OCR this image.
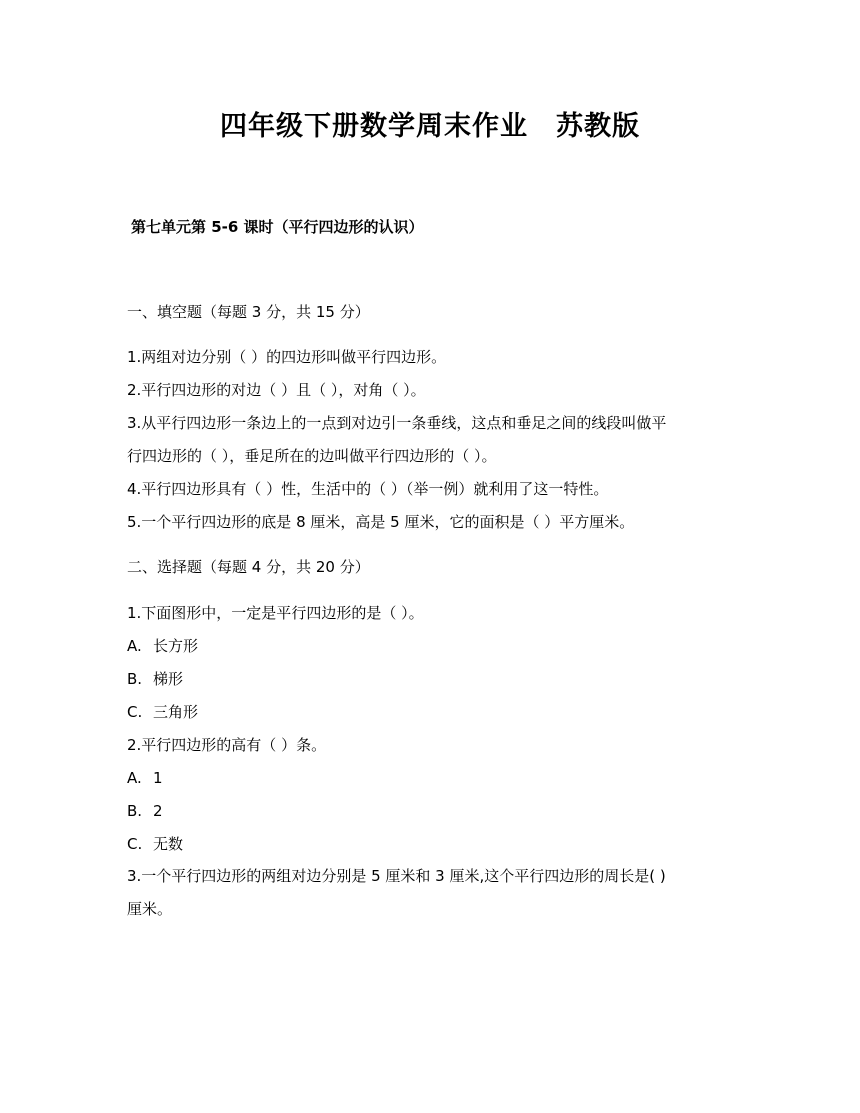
四年级下册数学周末作业　苏教版
第七单元第 5-6 课时（平行四边形的认识）
一、填空题（每题 3 分，共 15 分）
1.两组对边分别（ ）的四边形叫做平行四边形。
2.平行四边形的对边（ ）且（ ），对角（ ）。
3.从平行四边形一条边上的一点到对边引一条垂线，这点和垂足之间的线段叫做平
行四边形的（ ），垂足所在的边叫做平行四边形的（ ）。
4.平行四边形具有（ ）性，生活中的（ ）（举一例）就利用了这一特性。
5.一个平行四边形的底是 8 厘米，高是 5 厘米，它的面积是（ ）平方厘米。
二、选择题（每题 4 分，共 20 分）
1.下面图形中，一定是平行四边形的是（ ）。
A. 长方形
B. 梯形
C. 三角形
2.平行四边形的高有（ ）条。
A. 1
B. 2
C. 无数
3.一个平行四边形的两组对边分别是 5 厘米和 3 厘米,这个平行四边形的周长是( )
厘米。
